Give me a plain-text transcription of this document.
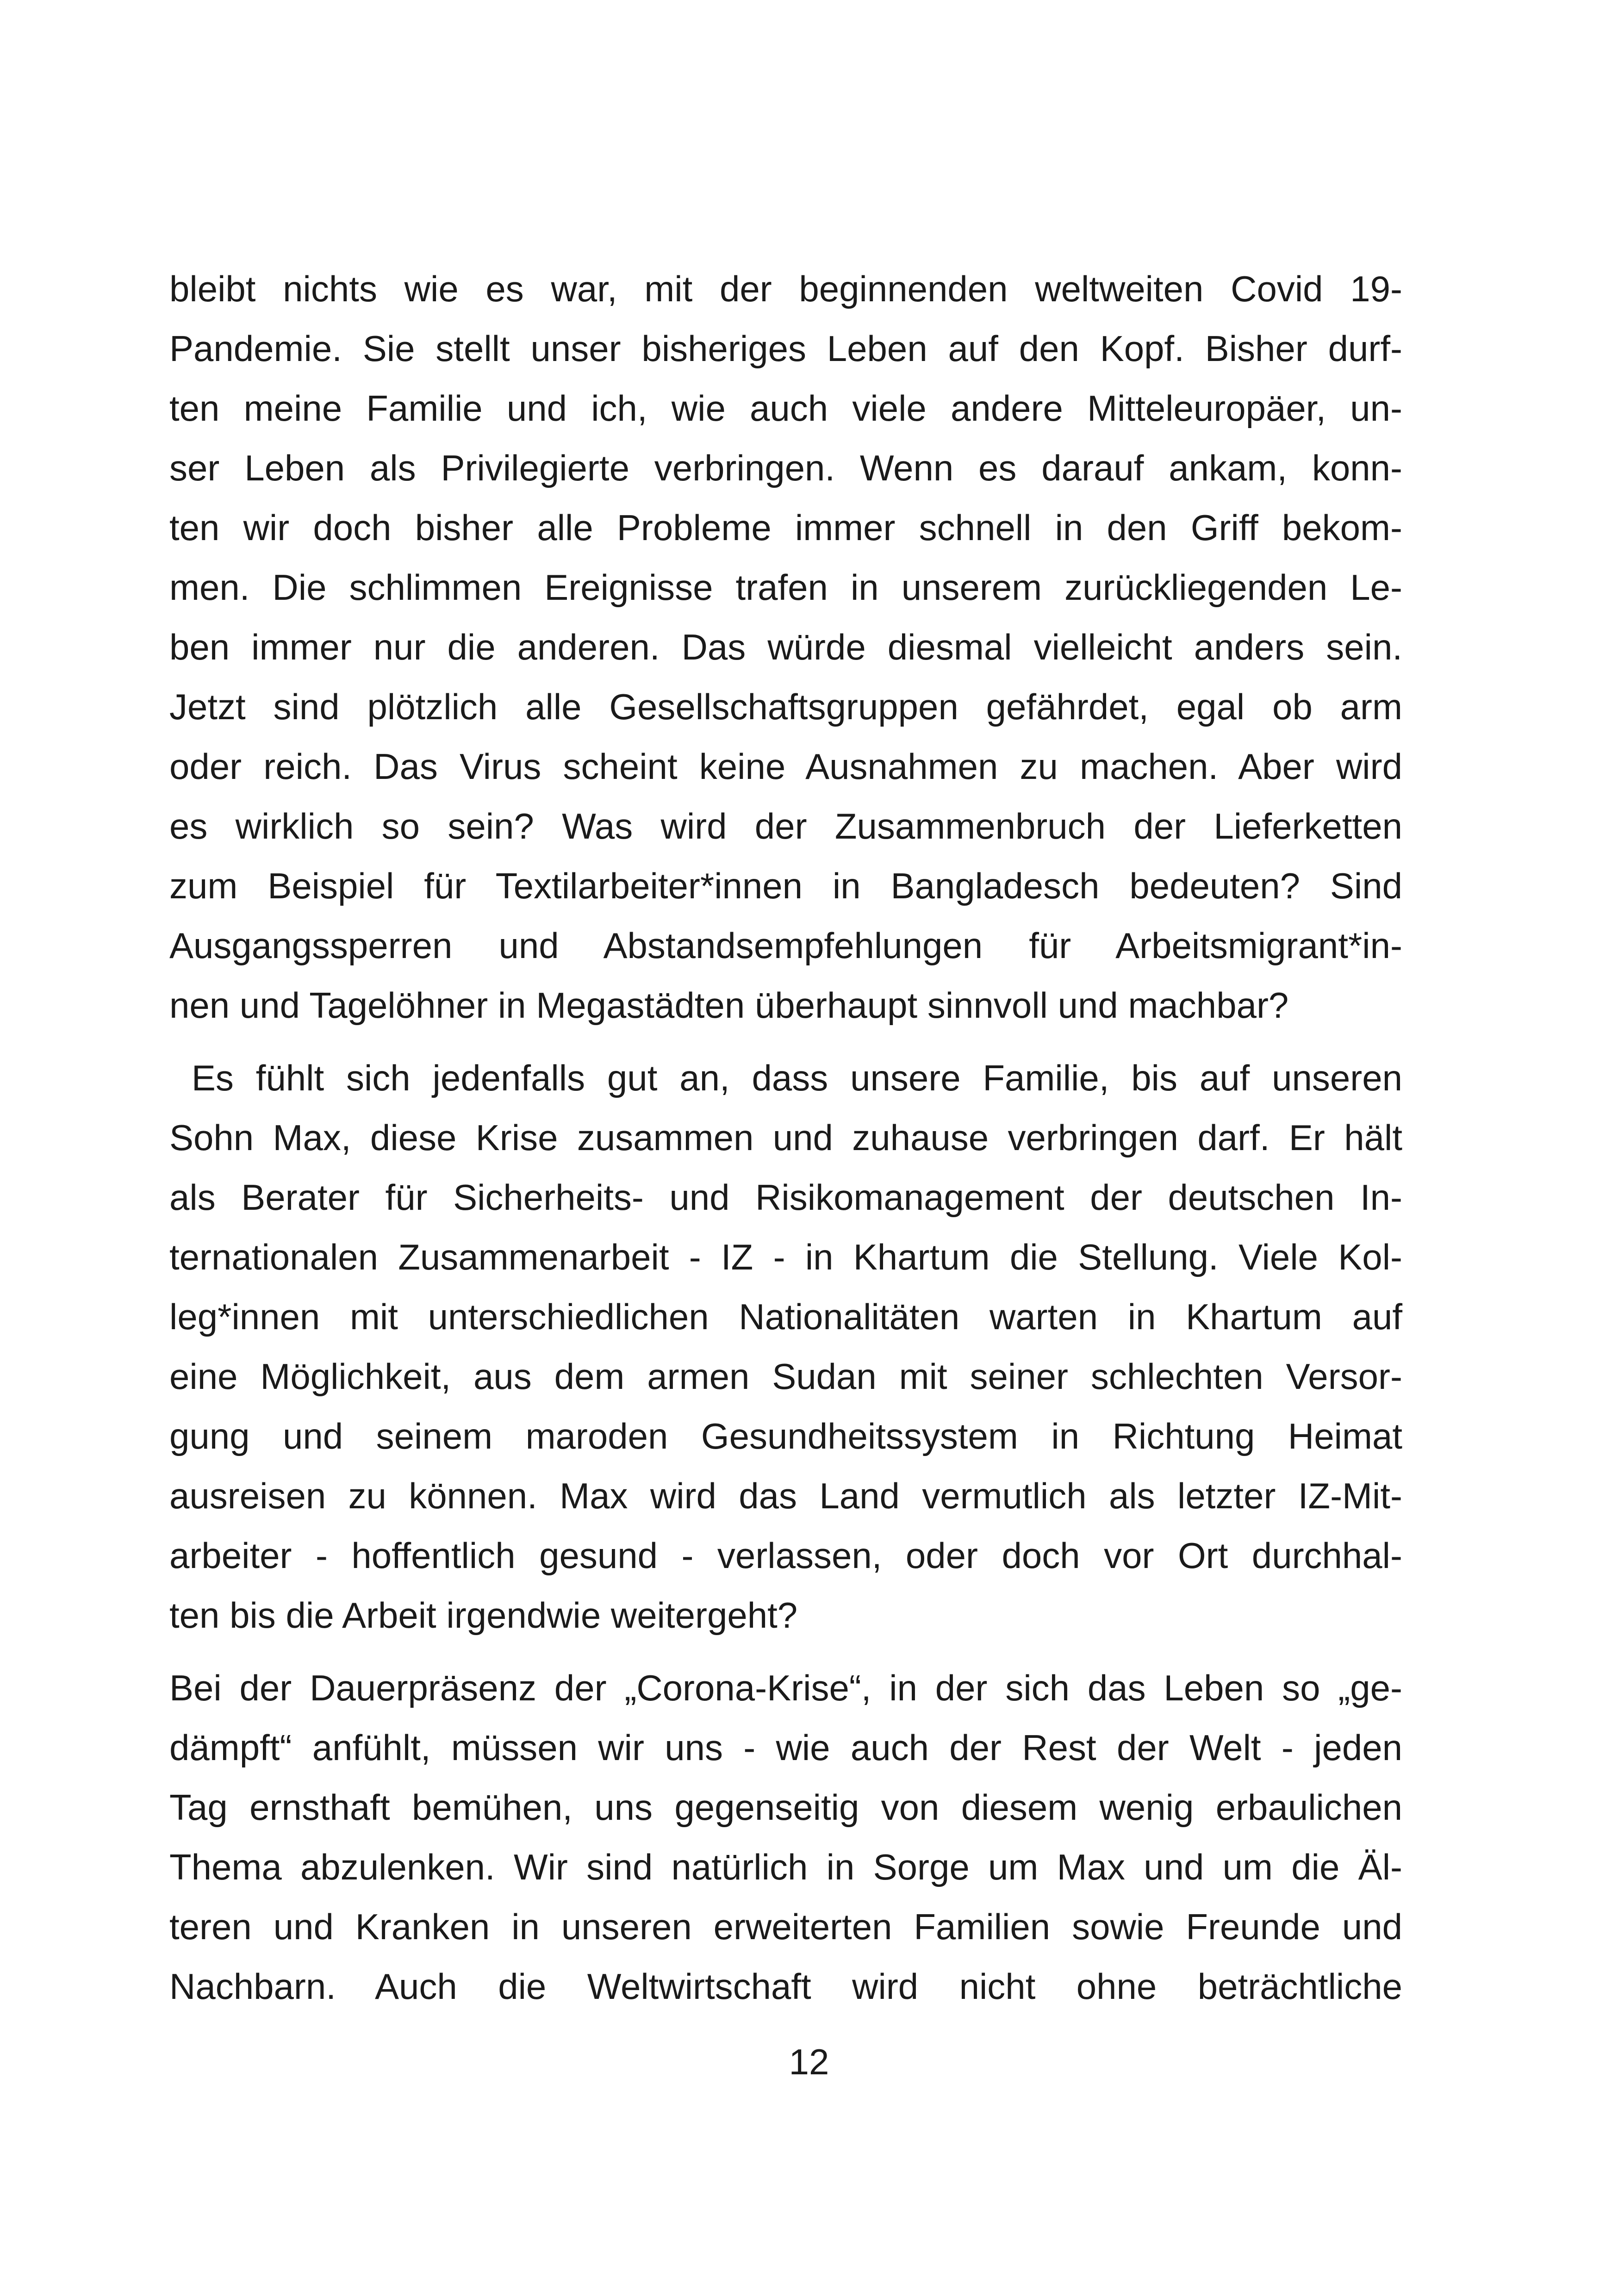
bleibt nichts wie es war, mit der beginnenden weltweiten Covid 19-
Pandemie. Sie stellt unser bisheriges Leben auf den Kopf. Bisher durf-
ten meine Familie und ich, wie auch viele andere Mitteleuropäer, un-
ser Leben als Privilegierte verbringen. Wenn es darauf ankam, konn-
ten wir doch bisher alle Probleme immer schnell in den Griff bekom-
men. Die schlimmen Ereignisse trafen in unserem zurückliegenden Le-
ben immer nur die anderen. Das würde diesmal vielleicht anders sein.
Jetzt sind plötzlich alle Gesellschaftsgruppen gefährdet, egal ob arm
oder reich. Das Virus scheint keine Ausnahmen zu machen. Aber wird
es wirklich so sein? Was wird der Zusammenbruch der Lieferketten
zum Beispiel für Textilarbeiter*innen in Bangladesch bedeuten? Sind
Ausgangssperren und Abstandsempfehlungen für Arbeitsmigrant*in-
nen und Tagelöhner in Megastädten überhaupt sinnvoll und machbar?
Es fühlt sich jedenfalls gut an, dass unsere Familie, bis auf unseren
Sohn Max, diese Krise zusammen und zuhause verbringen darf. Er hält
als Berater für Sicherheits- und Risikomanagement der deutschen In-
ternationalen Zusammenarbeit - IZ - in Khartum die Stellung. Viele Kol-
leg*innen mit unterschiedlichen Nationalitäten warten in Khartum auf
eine Möglichkeit, aus dem armen Sudan mit seiner schlechten Versor-
gung und seinem maroden Gesundheitssystem in Richtung Heimat
ausreisen zu können. Max wird das Land vermutlich als letzter IZ-Mit-
arbeiter - hoffentlich gesund - verlassen, oder doch vor Ort durchhal-
ten bis die Arbeit irgendwie weitergeht?
Bei der Dauerpräsenz der „Corona-Krise“, in der sich das Leben so „ge-
dämpft“ anfühlt, müssen wir uns - wie auch der Rest der Welt - jeden
Tag ernsthaft bemühen, uns gegenseitig von diesem wenig erbaulichen
Thema abzulenken. Wir sind natürlich in Sorge um Max und um die Äl-
teren und Kranken in unseren erweiterten Familien sowie Freunde und
Nachbarn. Auch die Weltwirtschaft wird nicht ohne beträchtliche
12
